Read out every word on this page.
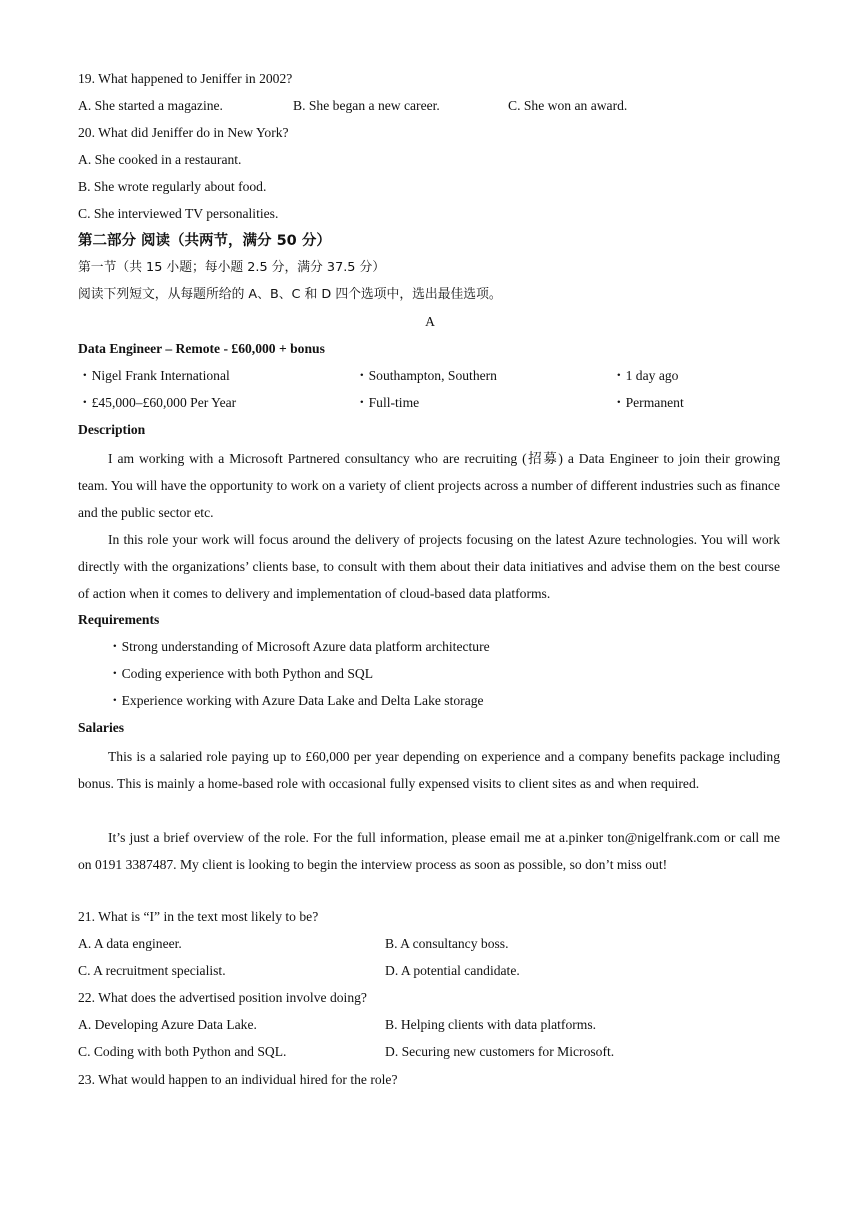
19. What happened to Jeniffer in 2002?
A. She started a magazine.	B. She began a new career.	C. She won an award.
20. What did Jeniffer do in New York?
A. She cooked in a restaurant.
B. She wrote regularly about food.
C. She interviewed TV personalities.
第二部分 阅读（共两节，满分 50 分）
第一节（共 15 小题；每小题 2.5 分，满分 37.5 分）
阅读下列短文，从每题所给的 A、B、C 和 D 四个选项中，选出最佳选项。
A
Data Engineer – Remote - £60,000 + bonus
・Nigel Frank International	・Southampton, Southern	・1 day ago
・£45,000–£60,000 Per Year	・Full-time	・Permanent
Description
I am working with a Microsoft Partnered consultancy who are recruiting (招募) a Data Engineer to join their growing team. You will have the opportunity to work on a variety of client projects across a number of different industries such as finance and the public sector etc.
In this role your work will focus around the delivery of projects focusing on the latest Azure technologies. You will work directly with the organizations’ clients base, to consult with them about their data initiatives and advise them on the best course of action when it comes to delivery and implementation of cloud-based data platforms.
Requirements
・Strong understanding of Microsoft Azure data platform architecture
・Coding experience with both Python and SQL
・Experience working with Azure Data Lake and Delta Lake storage
Salaries
This is a salaried role paying up to £60,000 per year depending on experience and a company benefits package including bonus. This is mainly a home-based role with occasional fully expensed visits to client sites as and when required.
It’s just a brief overview of the role. For the full information, please email me at a.pinker ton@nigelfrank.com or call me on 0191 3387487. My client is looking to begin the interview process as soon as possible, so don’t miss out!
21. What is “I” in the text most likely to be?
A. A data engineer.	B. A consultancy boss.
C. A recruitment specialist.	D. A potential candidate.
22. What does the advertised position involve doing?
A. Developing Azure Data Lake.	B. Helping clients with data platforms.
C. Coding with both Python and SQL.	D. Securing new customers for Microsoft.
23. What would happen to an individual hired for the role?
